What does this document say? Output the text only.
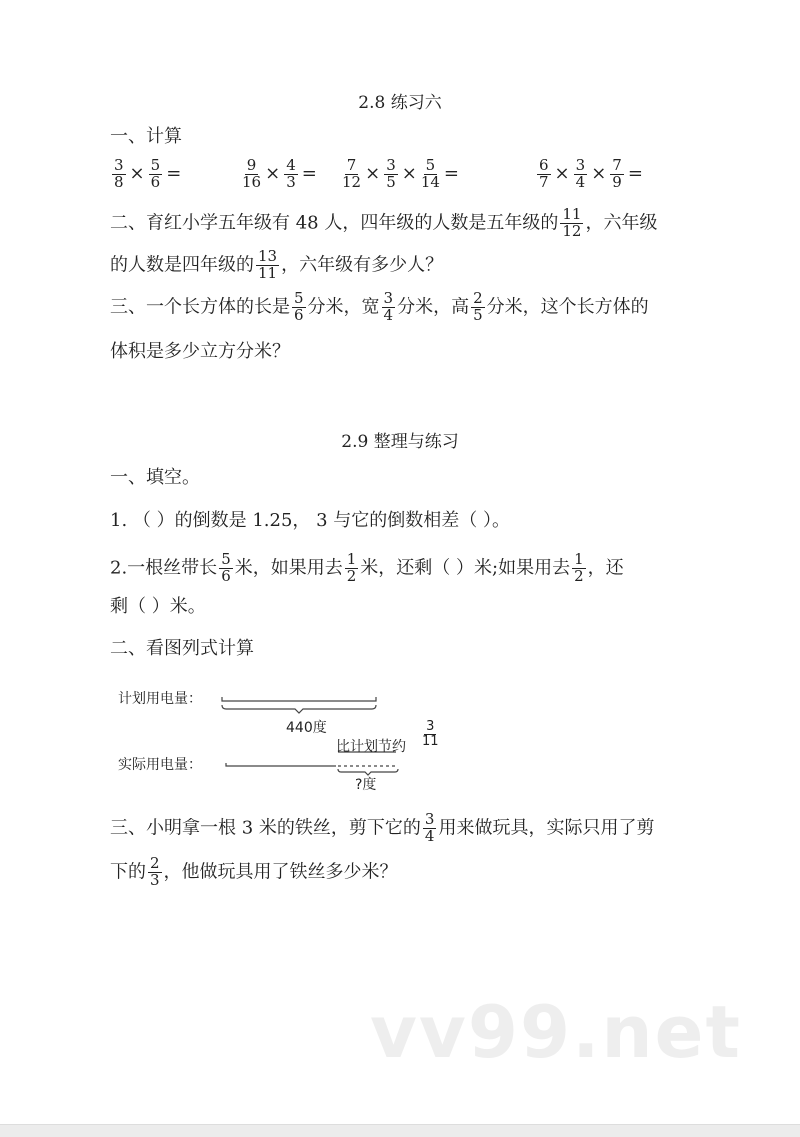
2.8 练习六
一、计算
$\frac{3}{8} \times \frac{5}{6}$ =	$\frac{9}{16} \times \frac{4}{3} = \frac{7}{12} \times \frac{3}{5} \times \frac{5}{14}$ =	$\frac{6}{7} \times \frac{3}{4} \times \frac{7}{9}$ =
二、育红小学五年级有 48 人，四年级的人数是五年级的 $\frac{11}{12}$ ，六年级
的人数是四年级的 $\frac{13}{11}$ ，六年级有多少人？
三、一个长方体的长是 $\frac{5}{6}$ 分米，宽 $\frac{3}{4}$ 分米，高 $\frac{2}{5}$ 分米，这个长方体的
体积是多少立方分米？
2.9 整理与练习
一、填空。
1. （ ）的倒数是 1.25， 3 与它的倒数相差（ ）。
2.一根丝带长 $\frac{5}{6}$ 米，如果用去 $\frac{1}{2}$ 米，还剩（ ）米;如果用去 $\frac{1}{2}$ ，还
剩（ ）米。
二、看图列式计算
计划用电量：
440度
比计划节约
3
11
实际用电量：
?度
三、小明拿一根 3 米的铁丝，剪下它的 $\frac{3}{4}$ 用来做玩具，实际只用了剪
下的 $\frac{2}{3}$ ，他做玩具用了铁丝多少米？
vv99.net
